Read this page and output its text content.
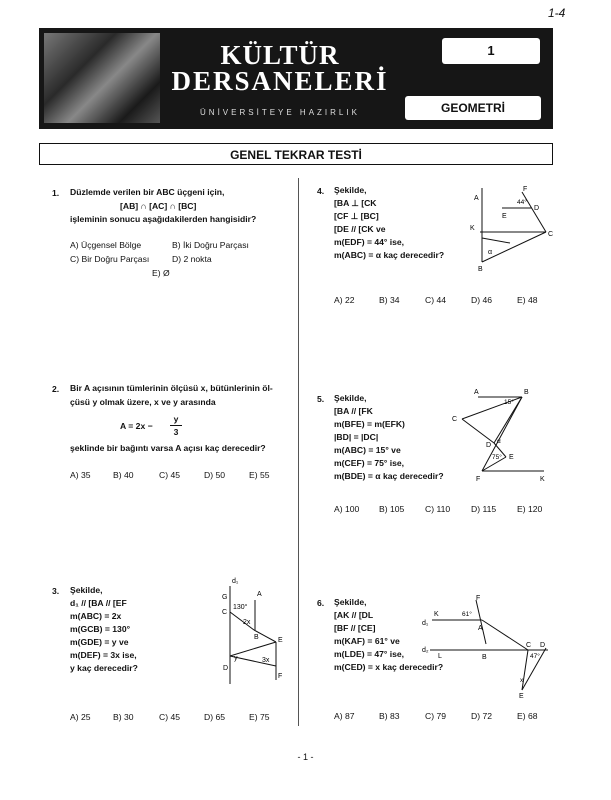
1-4
KÜLTÜR
DERSANELERİ
ÜNİVERSİTEYE HAZIRLIK
1
GEOMETRİ
GENEL TEKRAR TESTİ
1. Düzlemde verilen bir ABC üçgeni için,
[AB] ∩ [AC] ∩ [BC]
işleminin sonucu aşağıdakilerden hangisidir?
A) Üçgensel Bölge	B) İki Doğru Parçası
C) Bir Doğru Parçası	D) 2 nokta
E) Ø
2. Bir A açısının tümlerinin ölçüsü x, bütünlerinin öl-
çüsü y olmak üzere, x ve y arasında
A = 2x −
y
3
şeklinde bir bağıntı varsa A açısı kaç derecedir?
A) 35	B) 40	C) 45	D) 50	E) 55
3. Şekilde,
d₁ // [BA // [EF
m(ABC) = 2x
m(GCB) = 130°
m(GDE) = y ve
m(DEF) = 3x ise,
y kaç derecedir?
d₁
G	A
C
130°
2x
B	E
y	3x
D
F
A) 25	B) 30	C) 45	D) 65	E) 75
4. Şekilde,
[BA ⊥ [CK
[CF ⊥ [BC]
[DE // [CK ve
m(EDF) = 44° ise,
m(ABC) = α kaç derecedir?
F
44°
A
D
E
K
C
α
B
A) 22	B) 34	C) 44	D) 46	E) 48
5. Şekilde,
[BA // [FK
m(BFE) = m(EFK)
|BD| = |DC|
m(ABC) = 15° ve
m(CEF) = 75° ise,
m(BDE) = α kaç derecedir?
A	B
15°
C
D
α
75° E
F	K
A) 100 B) 105 C) 110 D) 115 E) 120
6. Şekilde,
[AK // [DL
[BF // [CE]
m(KAF) = 61° ve
m(LDE) = 47° ise,
m(CED) = x kaç derecedir?
F
d₁
K	61°
A
d₂
L
C D
B	47°
x
E
A) 87	B) 83	C) 79	D) 72	E) 68
- 1 -
